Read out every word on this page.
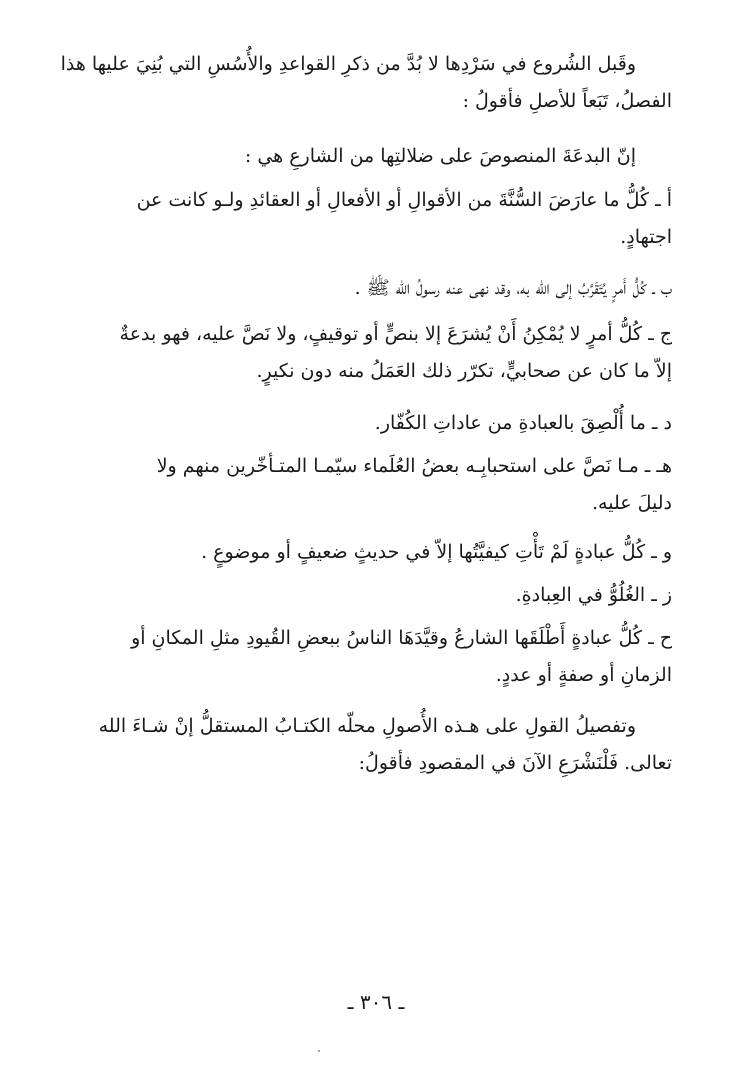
وقَبل الشُروع في سَرْدِها لا بُدَّ من ذكرِ القواعدِ والأُسُسِ التي بُنِيَ عليها هذا
الفصلُ، تَبَعاً للأصلِ فأقولُ :
إنّ البدعَةَ المنصوصَ على ضلالتِها من الشارعِ هي :
أ ـ كُلُّ ما عارَضَ السُّنَّةَ من الأقوالِ أو الأفعالِ أو العقائدِ ولـو كانت عن
اجتهادٍ.
ب ـ كُلُّ أَمرٍ يُتَقَرَّبُ إلى الله به، وقد نهى عنه رسولُ الله ﷺ .
ج ـ كُلُّ أمرٍ لا يُمْكِنُ أَنْ يُشرَعَ إلا بنصٍّ أو توقيفٍ، ولا نَصَّ عليه، فهو بدعةٌ
إلاّ ما كان عن صحابيٍّ، تكرّر ذلك العَمَلُ منه دون نكيرٍ.
د ـ ما أُلْصِقَ بالعبادةِ من عاداتِ الكُفّار.
هـ ـ مـا نَصَّ على استحبابِـه بعضُ العُلَماء سيّمـا المتـأخّرين منهم ولا
دليلَ عليه.
و ـ كُلُّ عبادةٍ لَمْ تَأْتِ كيفيَّتُها إلاّ في حديثٍ ضعيفٍ أو موضوعٍ .
ز ـ الغُلُوُّ في العِبادةِ.
ح ـ كُلُّ عبادةٍ أَطْلَقَها الشارعُ وقيَّدَهَا الناسُ ببعضِ القُيودِ مثلِ المكانِ أو
الزمانِ أو صفةٍ أو عددٍ.
وتفصيلُ القولِ على هـذه الأُصولِ محلّه الكتـابُ المستقلُّ إنْ شـاءَ الله
تعالى. فَلْنَشْرَعِ الآنَ في المقصودِ فأقولُ:
ـ ٣٠٦ ـ
